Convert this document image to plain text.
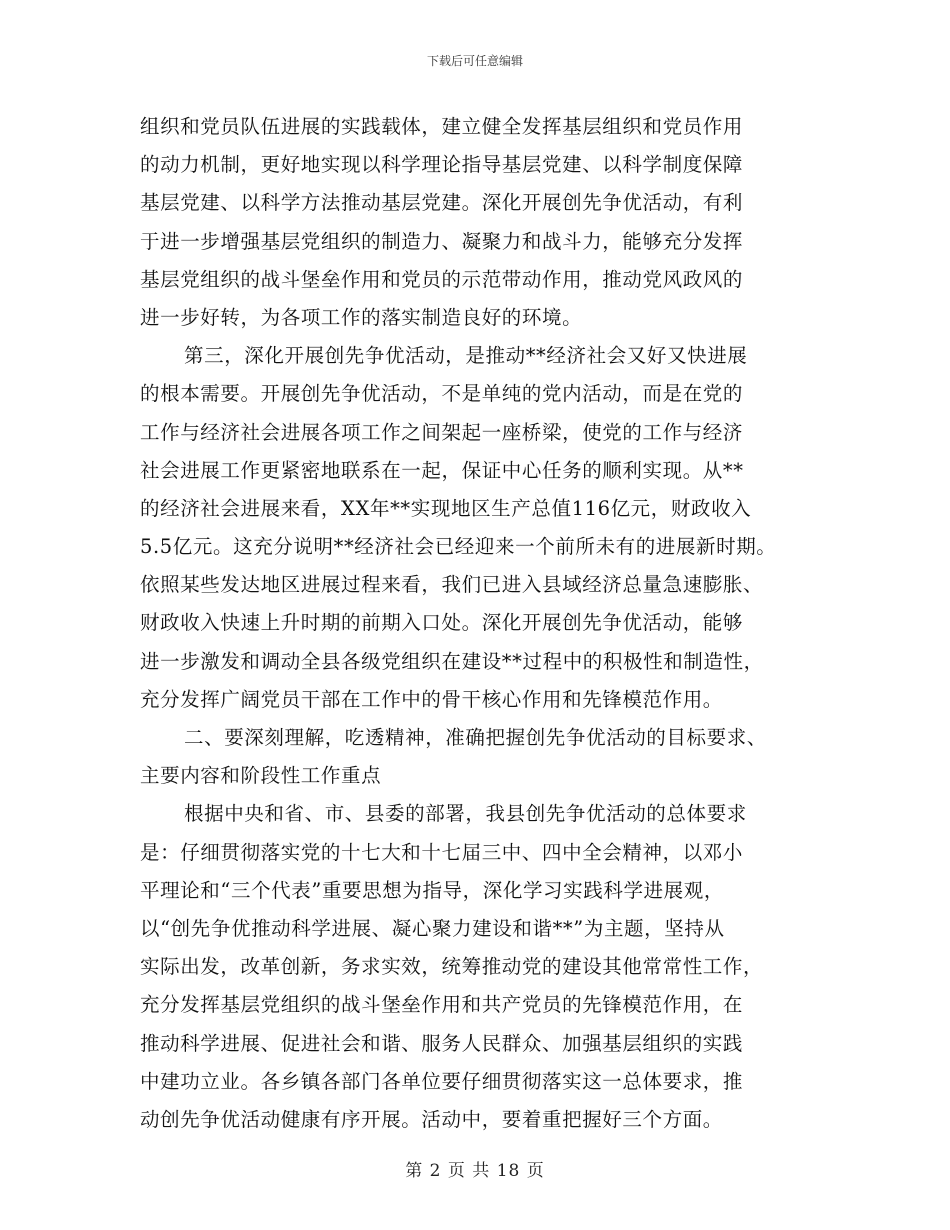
下载后可任意编辑
组织和党员队伍进展的实践载体，建立健全发挥基层组织和党员作用
的动力机制，更好地实现以科学理论指导基层党建、以科学制度保障
基层党建、以科学方法推动基层党建。深化开展创先争优活动，有利
于进一步增强基层党组织的制造力、凝聚力和战斗力，能够充分发挥
基层党组织的战斗堡垒作用和党员的示范带动作用，推动党风政风的
进一步好转，为各项工作的落实制造良好的环境。
第三，深化开展创先争优活动，是推动**经济社会又好又快进展
的根本需要。开展创先争优活动，不是单纯的党内活动，而是在党的
工作与经济社会进展各项工作之间架起一座桥梁，使党的工作与经济
社会进展工作更紧密地联系在一起，保证中心任务的顺利实现。从**
的经济社会进展来看，XX年**实现地区生产总值116亿元，财政收入
5.5亿元。这充分说明**经济社会已经迎来一个前所未有的进展新时期。
依照某些发达地区进展过程来看，我们已进入县域经济总量急速膨胀、
财政收入快速上升时期的前期入口处。深化开展创先争优活动，能够
进一步激发和调动全县各级党组织在建设**过程中的积极性和制造性，
充分发挥广阔党员干部在工作中的骨干核心作用和先锋模范作用。
二、要深刻理解，吃透精神，准确把握创先争优活动的目标要求、
主要内容和阶段性工作重点
根据中央和省、市、县委的部署，我县创先争优活动的总体要求
是：仔细贯彻落实党的十七大和十七届三中、四中全会精神，以邓小
平理论和“三个代表”重要思想为指导，深化学习实践科学进展观，
以“创先争优推动科学进展、凝心聚力建设和谐**”为主题，坚持从
实际出发，改革创新，务求实效，统筹推动党的建设其他常常性工作，
充分发挥基层党组织的战斗堡垒作用和共产党员的先锋模范作用，在
推动科学进展、促进社会和谐、服务人民群众、加强基层组织的实践
中建功立业。各乡镇各部门各单位要仔细贯彻落实这一总体要求，推
动创先争优活动健康有序开展。活动中，要着重把握好三个方面。
第 2 页 共 18 页
